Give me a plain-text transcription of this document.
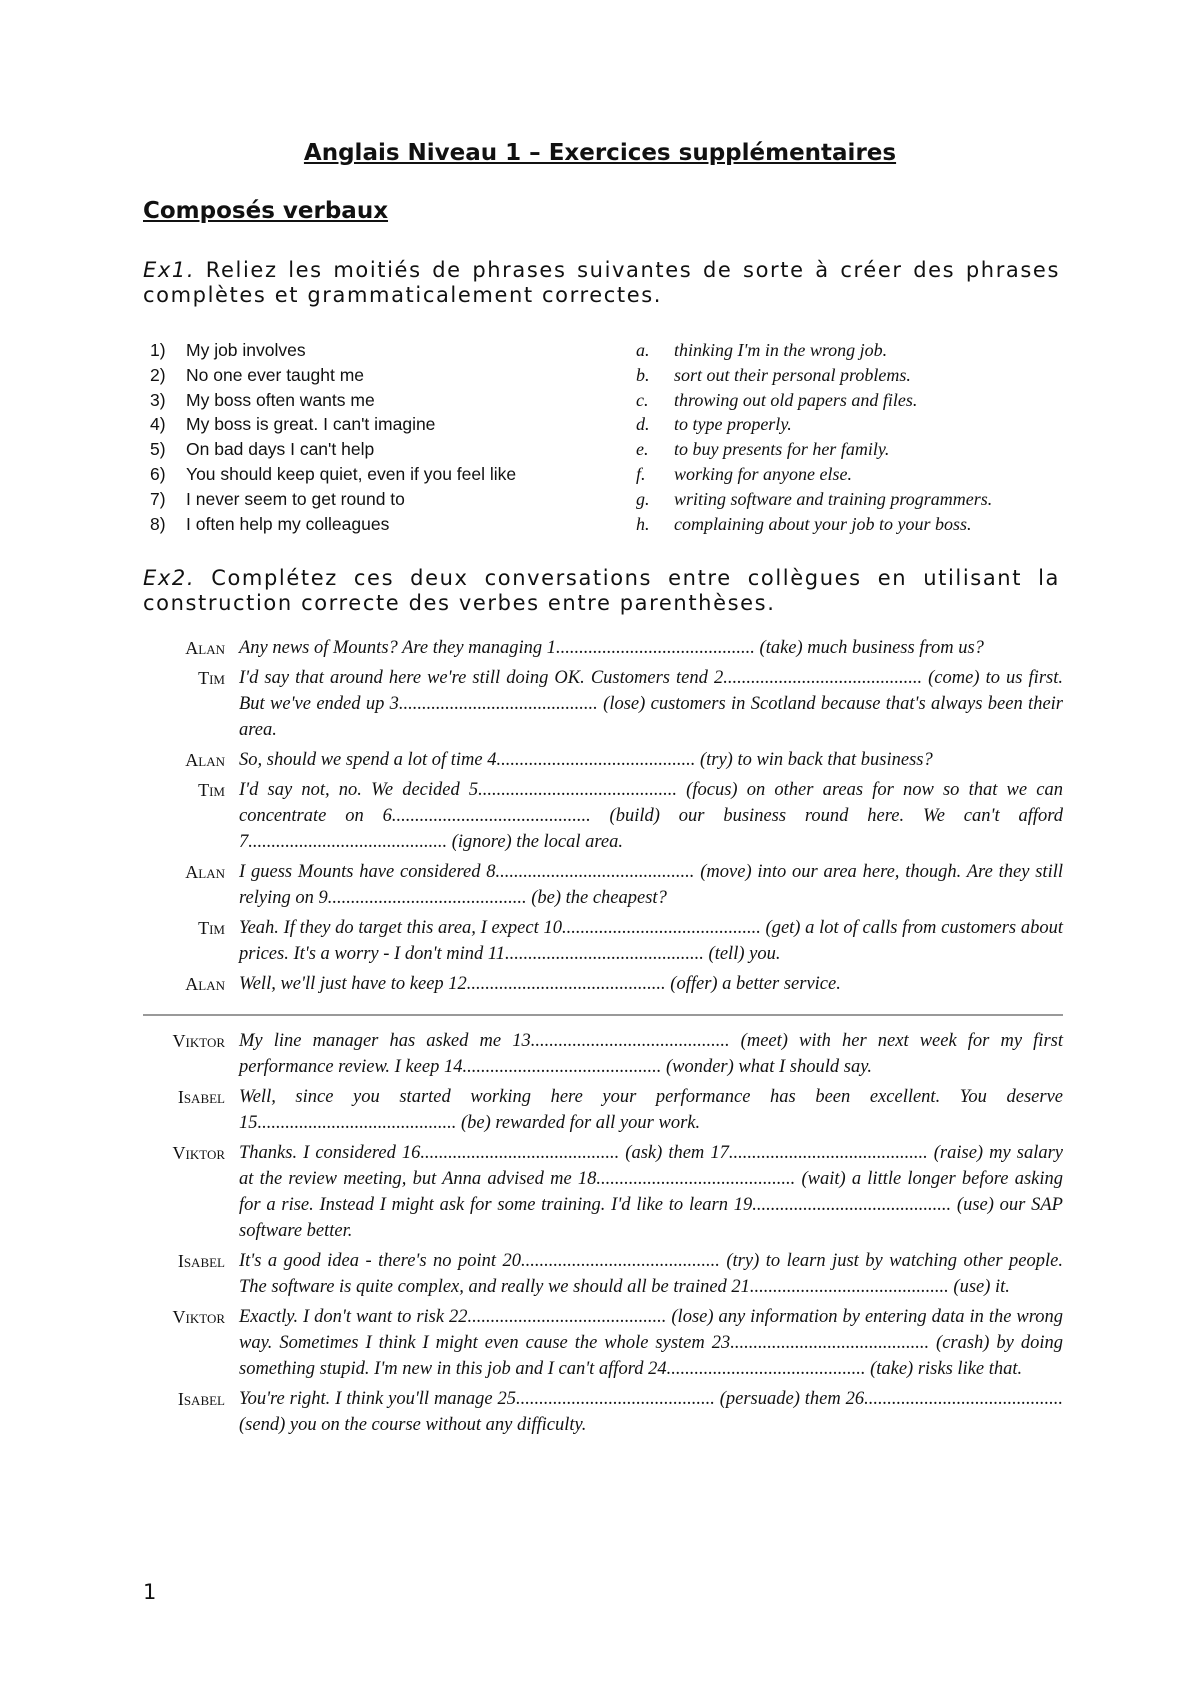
Anglais Niveau 1 – Exercices supplémentaires
Composés verbaux
Ex1. Reliez les moitiés de phrases suivantes de sorte à créer des phrases complètes et grammaticalement correctes.
1) My job involves
2) No one ever taught me
3) My boss often wants me
4) My boss is great. I can't imagine
5) On bad days I can't help
6) You should keep quiet, even if you feel like
7) I never seem to get round to
8) I often help my colleagues
a. thinking I'm in the wrong job.
b. sort out their personal problems.
c. throwing out old papers and files.
d. to type properly.
e. to buy presents for her family.
f. working for anyone else.
g. writing software and training programmers.
h. complaining about your job to your boss.
Ex2. Complétez ces deux conversations entre collègues en utilisant la construction correcte des verbes entre parenthèses.
Alan Any news of Mounts? Are they managing 1........................................... (take) much business from us?
Tim I'd say that around here we're still doing OK. Customers tend 2........................................... (come) to us first. But we've ended up 3........................................... (lose) customers in Scotland because that's always been their area.
Alan So, should we spend a lot of time 4........................................... (try) to win back that business?
Tim I'd say not, no. We decided 5........................................... (focus) on other areas for now so that we can concentrate on 6........................................... (build) our business round here. We can't afford 7........................................... (ignore) the local area.
Alan I guess Mounts have considered 8........................................... (move) into our area here, though. Are they still relying on 9........................................... (be) the cheapest?
Tim Yeah. If they do target this area, I expect 10........................................... (get) a lot of calls from customers about prices. It's a worry - I don't mind 11........................................... (tell) you.
Alan Well, we'll just have to keep 12........................................... (offer) a better service.
Viktor My line manager has asked me 13........................................... (meet) with her next week for my first performance review. I keep 14........................................... (wonder) what I should say.
Isabel Well, since you started working here your performance has been excellent. You deserve 15........................................... (be) rewarded for all your work.
Viktor Thanks. I considered 16........................................... (ask) them 17........................................... (raise) my salary at the review meeting, but Anna advised me 18........................................... (wait) a little longer before asking for a rise. Instead I might ask for some training. I'd like to learn 19........................................... (use) our SAP software better.
Isabel It's a good idea - there's no point 20........................................... (try) to learn just by watching other people. The software is quite complex, and really we should all be trained 21........................................... (use) it.
Viktor Exactly. I don't want to risk 22........................................... (lose) any information by entering data in the wrong way. Sometimes I think I might even cause the whole system 23........................................... (crash) by doing something stupid. I'm new in this job and I can't afford 24........................................... (take) risks like that.
Isabel You're right. I think you'll manage 25........................................... (persuade) them 26........................................... (send) you on the course without any difficulty.
1
